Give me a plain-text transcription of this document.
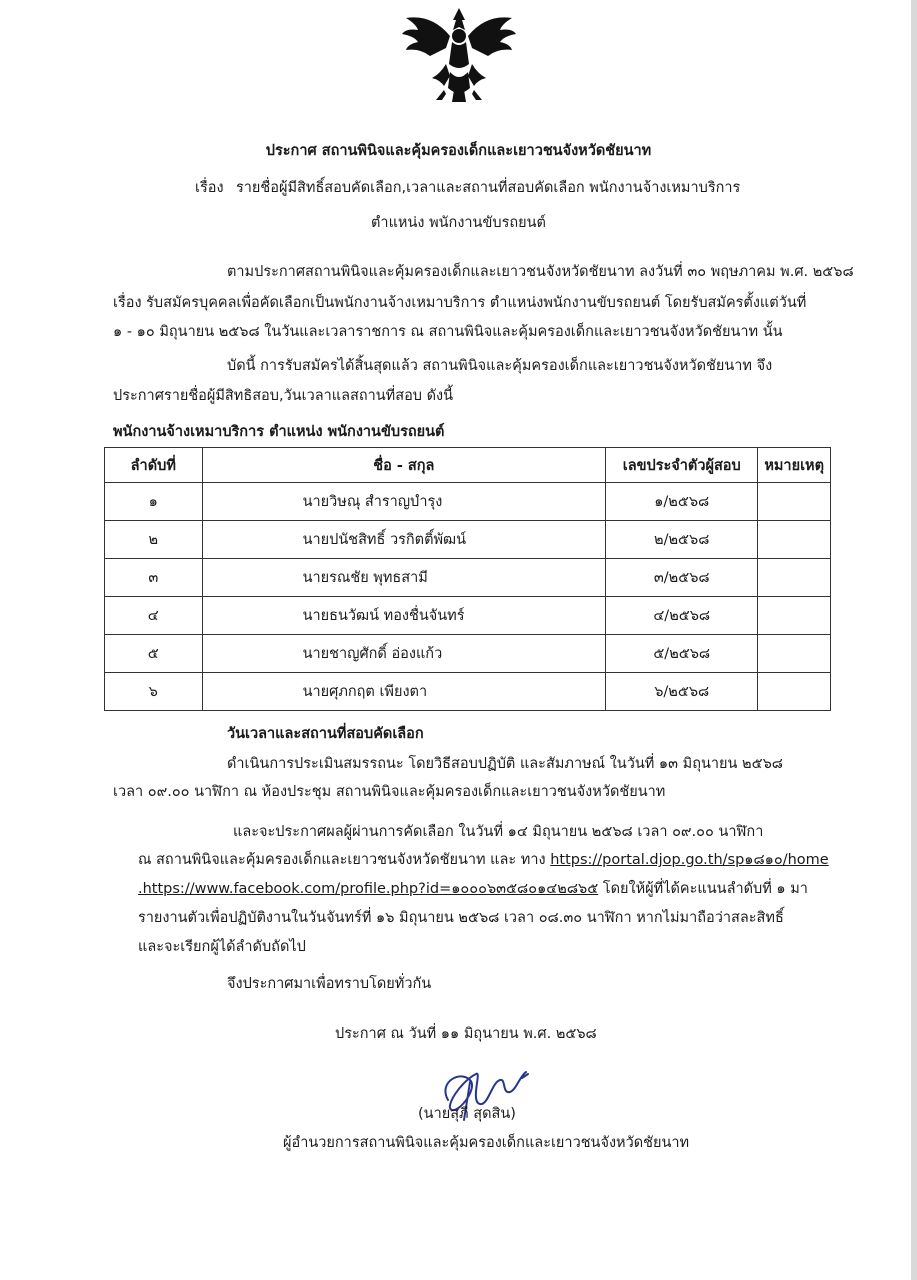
ประกาศ สถานพินิจและคุ้มครองเด็กและเยาวชนจังหวัดชัยนาท
เรื่อง รายชื่อผู้มีสิทธิ์สอบคัดเลือก,เวลาและสถานที่สอบคัดเลือก พนักงานจ้างเหมาบริการ
ตำแหน่ง พนักงานขับรถยนต์
ตามประกาศสถานพินิจและคุ้มครองเด็กและเยาวชนจังหวัดชัยนาท ลงวันที่ ๓๐ พฤษภาคม พ.ศ. ๒๕๖๘
เรื่อง รับสมัครบุคคลเพื่อคัดเลือกเป็นพนักงานจ้างเหมาบริการ ตำแหน่งพนักงานขับรถยนต์ โดยรับสมัครตั้งแต่วันที่
๑ - ๑๐ มิถุนายน ๒๕๖๘ ในวันและเวลาราชการ ณ สถานพินิจและคุ้มครองเด็กและเยาวชนจังหวัดชัยนาท นั้น
บัดนี้ การรับสมัครได้สิ้นสุดแล้ว สถานพินิจและคุ้มครองเด็กและเยาวชนจังหวัดชัยนาท จึง
ประกาศรายชื่อผู้มีสิทธิสอบ,วันเวลาแลสถานที่สอบ ดังนี้
พนักงานจ้างเหมาบริการ ตำแหน่ง พนักงานขับรถยนต์
ลำดับที่	ชื่อ - สกุล	เลขประจำตัวผู้สอบ	หมายเหตุ
๑	นายวิษณุ สำราญบำรุง	๑/๒๕๖๘	
๒	นายปนัชสิทธิ์ วรกิตติ์พัฒน์	๒/๒๕๖๘	
๓	นายรณชัย พุทธสามี	๓/๒๕๖๘	
๔	นายธนวัฒน์ ทองชื่นจันทร์	๔/๒๕๖๘	
๕	นายชาญศักดิ์ อ่องแก้ว	๕/๒๕๖๘	
๖	นายศุภกฤต เพียงตา	๖/๒๕๖๘	
วันเวลาและสถานที่สอบคัดเลือก
ดำเนินการประเมินสมรรถนะ โดยวิธีสอบปฏิบัติ และสัมภาษณ์ ในวันที่ ๑๓ มิถุนายน ๒๕๖๘
เวลา ๐๙.๐๐ นาฬิกา ณ ห้องประชุม สถานพินิจและคุ้มครองเด็กและเยาวชนจังหวัดชัยนาท
และจะประกาศผลผู้ผ่านการคัดเลือก ในวันที่ ๑๔ มิถุนายน ๒๕๖๘ เวลา ๐๙.๐๐ นาฬิกา
ณ สถานพินิจและคุ้มครองเด็กและเยาวชนจังหวัดชัยนาท และ ทาง https://portal.djop.go.th/sp๑๘๑๐/home
.https://www.facebook.com/profile.php?id=๑๐๐๐๖๓๕๘๐๑๔๒๘๖๕ โดยให้ผู้ที่ได้คะแนนลำดับที่ ๑ มา
รายงานตัวเพื่อปฏิบัติงานในวันจันทร์ที่ ๑๖ มิถุนายน ๒๕๖๘ เวลา ๐๘.๓๐ นาฬิกา หากไม่มาถือว่าสละสิทธิ์
และจะเรียกผู้ได้ลำดับถัดไป
จึงประกาศมาเพื่อทราบโดยทั่วกัน
ประกาศ ณ วันที่ ๑๑ มิถุนายน พ.ศ. ๒๕๖๘
(นายสุภี สุดสิน)
ผู้อำนวยการสถานพินิจและคุ้มครองเด็กและเยาวชนจังหวัดชัยนาท
